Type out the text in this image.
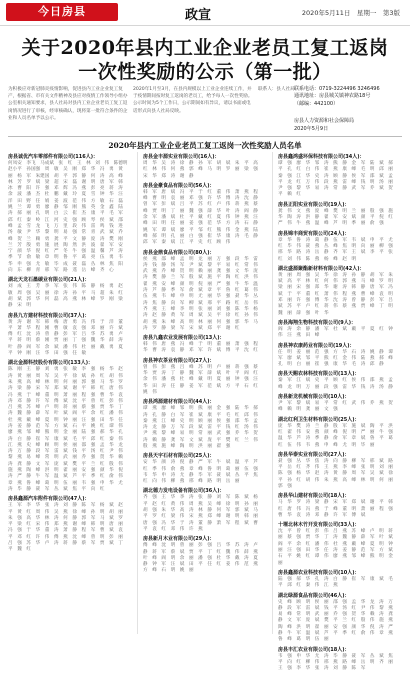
今日房县	政宣	2020年5月11日　星期一　第3版
关于2020年县内工业企业老员工复工返岗
一次性奖励的公示（第一批）
为积极应对新冠肺炎疫情影响，促进县内工业企业复工复产，根据省、市有关文件精神及县应对疫情工作领导小组办公室相关通知要求，县人社局对县内工业企业老员工复工返岗情况进行了审核，经审核确认，现将第一批符合条件的企业和人员名单予以公示。
2020年1月至3月，在县内规模以上工业企业连续工作，并于疫情期间按时复工返岗的老员工，给予每人一次性奖励。公示时间为5个工作日，公示期间如有异议，请以书面或电话形式向县人社局反映。
联系人：县人社局 联系电话：0719-3224496 3246496
通讯地址：房县城关镇神农路18号
（邮编：442100）
房县人力资源和社会保障局
2020年5月9日
2020年县内工业企业老员工复工返岗一次性奖励人员名单
房县诚优汽车零部件有限公司(116人)：
何凤安　李飞　马成斌　张　红　王　林　刘　伟　陈德明　赵小平　孙国强　周　敏　吴　刚　郑　华　冯　勇　黄　丽　杨　军　朱建国　胡　平　郭　静　何　涛　高　峰　林　芳　罗　斌　梁　超　宋　磊　谢　明　唐　军　韩　冰　曹　阳　许　强　邓　辉　冯　燕　彭　亮　蒋　涛　余　波　潘　杰　杜　鹏　戴　玲　夏　雪　钟　华　汪　洋　田　野　任　娟　姜　波　范　伟　方　敏　石　磊　姚　兰　谭　勇　廖　静　邹　刚　熊　英　金　鑫　陆　涛　郝　丽　孔　明　白　云　崔　杰　康　平　毛　军　邱　红　秦　岭　江　河　史　强　顾　琴　侯　斌　邵　峰　孟　雪　龙　飞　万　里　段　伟　雷　鸣　钱　进　汤　敏　尹　华　黎　明　易　强　常　青　武　斌　乔　峰　贺　兰　赖　勇　龚　平　文　静　庞　涛　樊　刚　兰　芳　殷　勇　施　展　陶　然　洪　波　翟　军　安　宁　颜　华　倪　红　严　冬　牛　强　温　馨　芦　涛　季　节　俞　敏　章　明　鲁　平　葛　亮　伍　勇　韦　华　申　强　尤　敏　毕　成　聂　磊　丛　林　焦　阳　向　东　柳　青　邢　军　路　遥　岳　峰　齐　心
湖北天龙石墨碳业有限公司(21人)：
刘　成　王　芳　李　军　张　伟　陈　静　杨　勇　赵　敏　周　强　吴　丽　徐　涛　孙　平　马　超　朱　红　胡　斌　郭　华　何　磊　高　燕　林　峰　罗　刚　梁　静　宋　明
房县九方建材科技有限公司(37人)：
黄　涛　谢　军　韩　梅　唐　勇　冯　伟　于　洋　董　平　萧　华　程　刚　曹　敏　袁　强　邓　丽　许　斌　傅　红　沈　涛　曾　静　彭　军　吕　华　苏　勇　卢　平　蒋　明　蔡　刚　贾　丽　丁　强　魏　华　薛　涛　叶　静　阎　军　余　斌　潘　伟　杜　丽　戴　勇　夏　平　钟　刚　汪　华　田　强　任　敏
湖北金源科技股份有限公司(133人)：
陈　刚　王　静　刘　勇　张　敏　李　强　杨　华　赵　涛　黄　丽　周　军　吴　平　徐　斌　孙　红　胡　伟　朱　燕　高　峰　林　明　何　丽　郭　强　马　华　罗　涛　梁　静　宋　军　郑　斌　谢　平　韩　红　唐　伟　冯　燕　于　峰　董　明　萧　丽　程　强　曹　华　袁　涛　邓　静　许　军　傅　斌　沈　平　曾　红　彭　伟　吕　燕　苏　峰　卢　明　蒋　丽　蔡　强　贾　华　丁　涛　魏　静　薛　军　叶　斌　阎　平　余　红　潘　伟　杜　燕　戴　峰　夏　明　钟　丽　汪　强　田　华　任　涛　姜　静　范　军　方　斌　石　平　姚　红　谭　伟　廖　燕　邹　峰　熊　明　金　丽　陆　强　郝　华　孔　涛　白　静　崔　军　康　斌　毛　平　邱　红　秦　伟　江　燕　史　峰　顾　明　侯　丽　邵　强　孟　华　龙　涛　万　静　段　军　雷　斌　钱　平　汤　红　尹　伟　黎　燕　易　峰　常　明　武　丽　乔　强　贺　华　赖　涛　龚　静　文　军　庞　斌　樊　平　兰　红　殷　伟　施　燕　陶　峰　洪　明　翟　丽　安　强　颜　华　倪　涛　严　静　牛　军　温　斌　芦　平　季　红　俞　伟　章　燕　鲁　峰　葛　明　伍　丽　韦　强　申　华　尤　涛　毕　静　聂　军　丛　斌　焦　平　向　红
房县鑫源汽车附件有限公司(47人)：
王　军　李　华　张　涛　刘　静　陈　军　杨　斌　赵　平　黄　红　周　伟　吴　燕　徐　峰　孙　明　胡　丽　朱　强　高　华　林　涛　何　静　郭　军　马　斌　罗　平　梁　红　宋　伟　郑　燕　谢　峰　韩　明　唐　丽　冯　强　于　华　董　涛　萧　静　程　军　曹　斌　袁　平　邓　红　许　伟　傅　燕　沈　峰　曾　明　彭　丽　吕　强　苏　华　卢　涛　蒋　静　蔡　军　贾　斌　丁　平　魏　红
房县金丰源实业有限公司(16人)：
周　华　吴　涛　徐　静　孙　军　胡　斌　朱　平　高　红　林　伟　何　燕　郭　峰　马　明　罗　丽　梁　强　宋　华　郑　涛　谢　静
房县金豪食品有限公司(56人)：
韩　军　唐　斌　冯　平　于　红　董　伟　萧　燕　程　峰　曹　明　袁　丽　邓　强　许　华　傅　涛　沈　静　曾　军　彭　斌　吕　平　苏　红　卢　伟　蒋　燕　蔡　峰　贾　明　丁　丽　魏　强　薛　华　叶　涛　阎　静　余　军　潘　斌　杜　平　戴　红　夏　伟　钟　燕　汪　峰　田　明　任　丽　姜　强　范　华　方　涛　石　静　姚　军　谭　斌　廖　平　邹　红　熊　伟　金　燕　陆　峰　郝　明　孔　丽　白　强　崔　华　康　涛　毛　静　邱　军　秦　斌　江　平　史　红　顾　伟
房县金鼎食品有限公司(80人)：
侯　燕　邵　峰　孟　明　龙　丽　万　强　段　华　雷　涛　钱　静　汤　军　尹　斌　黎　平　易　红　常　伟　武　燕　乔　峰　贺　明　赖　丽　龚　强　文　华　庞　涛　樊　静　兰　军　殷　斌　施　平　陶　红　洪　伟　翟　燕　安　峰　颜　明　倪　丽　严　强　牛　华　温　涛　芦　静　季　军　俞　斌　章　平　鲁　红　葛　伟　伍　燕　韦　峰　申　明　尤　丽　毕　强　聂　华　丛　涛　焦　静　向　军　柳　斌　邢　平　路　红　岳　伟　齐　燕　王　峰　李　明　张　丽　刘　强　陈　华　杨　涛　赵　静　黄　军　周　斌　吴　平　徐　红　孙　伟　胡　燕　朱　峰　高　明　林　丽　何　强　郭　华　马　涛　罗　静　梁　军　宋　斌　郑　平　谢　红
房县九鑫农业发展有限公司(13人)：
韩　伟　唐　燕　冯　峰　于　明　董　丽　萧　强　程　华　曹　涛　袁　静　邓　军　许　斌　傅　平　沈　红
房县神农茶业有限公司(27人)：
曾　伟　彭　燕　吕　峰　苏　明　卢　丽　蒋　强　蔡　华　贾　涛　丁　静　魏　军　薛　斌　叶　平　阎　红　余　伟　潘　燕　杜　峰　戴　明　夏　丽　钟　强　汪　华　田　涛　任　静　姜　军　范　斌　方　平　石　红　姚　伟
房县鸿源建材有限公司(44人)：
谭　燕　廖　峰　邹　明　熊　丽　金　强　陆　华　郝　涛　孔　静　白　军　崔　斌　康　平　毛　红　邱　伟　秦　燕　江　峰　史　明　顾　丽　侯　强　邵　华　孟　涛　龙　静　万　军　段　斌　雷　平　钱　红　汤　伟　尹　燕　黎　峰　易　明　常　丽　武　强　乔　华　贺　涛　赖　静　龚　军　文　斌　庞　平　樊　红　兰　伟　殷　燕　施　峰　陶　明　洪　丽　翟　强
房县天宇石材有限公司(25人)：
安　华　颜　涛　倪　静　严　军　牛　斌　温　平　芦　红　季　伟　俞　燕　章　峰　鲁　明　葛　丽　伍　强　韦　华　申　涛　尤　静　毕　军　聂　斌　丛　平　焦　红　向　伟　柳　燕　邢　峰　路　明　岳　丽
湖北德力发电设备有限公司(36人)：
齐　强　王　华　李　涛　张　静　刘　军　陈　斌　杨　平　赵　红　黄　伟　周　燕　吴　峰　徐　明　孙　丽　胡　强　朱　华　高　涛　林　静　何　军　郭　斌　马　平　罗　红　梁　伟　宋　燕　郑　峰　谢　明　韩　丽　唐　强　冯　华　于　涛　董　静　萧　军　程　斌　曹　平　袁　红　邓　伟　许　燕
房县新月木业有限公司(29人)：
傅　峰　沈　明　曾　丽　彭　强　吕　华　苏　涛　卢　静　蒋　军　蔡　斌　贾　平　丁　红　魏　伟　薛　燕　叶　峰　阎　明　余　丽　潘　强　杜　华　戴　涛　夏　静　钟　军　汪　斌　田　平　任　红　姜　伟　范　燕　方　峰　石　明　姚　丽
房县鑫鸿盛环保科技有限公司(34人)：
谭　强　廖　华　邹　涛　熊　静　金　军　陆　斌　郝　平　孔　红　白　伟　崔　燕　康　峰　毛　明　邱　丽　秦　强　江　华　史　涛　顾　静　侯　军　邵　斌　孟　平　龙　红　万　伟　段　燕　雷　峰　钱　明　汤　丽　尹　强　黎　华　易　涛　常　静　武　军　乔　斌　贺　平　赖　红
房县正阳实业有限公司(19人)：
龚　伟　文　燕　庞　峰　樊　明　兰　丽　殷　强　施　华　陶　涛　洪　静　翟　军　安　斌　颜　平　倪　红　严　伟　牛　燕　温　峰　芦　明　季　丽　俞　强
房县锦丰商贸有限公司(24人)：
章　华　鲁　涛　葛　静　伍　军　韦　斌　申　平　尤　红　毕　伟　聂　燕　丛　峰　焦　明　向　丽　柳　强　邢　华　路　涛　岳　静　齐　军　王　斌　李　平　张　红　刘　伟　陈　燕　杨　峰　赵　明
湖北盛源聚酯新材料有限公司(42人)：
黄　丽　周　强　吴　华　徐　涛　孙　静　胡　军　朱　斌　高　平　林　红　何　伟　郭　燕　马　峰　罗　明　梁　丽　宋　强　郑　华　谢　涛　韩　静　唐　军　冯　斌　于　平　董　红　萧　伟　程　燕　曹　峰　袁　明　邓　丽　许　强　傅　华　沈　涛　曾　静　彭　军　吕　斌　苏　平　卢　红　蒋　伟　蔡　燕　贾　峰　丁　明　魏　丽　薛　强　叶　华
房县海翔生物科技有限公司(9人)：
阎　涛　余　静　潘　军　杜　斌　戴　平　夏　红　钟　伟　汪　燕　田　峰
房县神农康药业有限公司(19人)：
任　明　姜　丽　范　强　方　华　石　涛　姚　静　谭　军　廖　斌　邹　平　熊　红　金　伟　陆　燕　郝　峰　孔　明　白　丽　崔　强　康　华　毛　涛　邱　静
房县天赐农林科技有限公司(13人)：
秦　军　江　斌　史　平　顾　红　侯　伟　邵　燕　孟　峰　龙　明　万　丽　段　强　雷　华　钱　涛　汤　静
房县新龙机械有限公司(10人)：
尹　军　黎　斌　易　平　常　红　武　伟　乔　燕　贺　峰　赖　明　龚　丽　文　强
湖北红利卫生材料有限公司(25人)：
庞　华　樊　涛　兰　静　殷　军　施　斌　陶　平　洪　红　翟　伟　安　燕　颜　峰　倪　明　严　丽　牛　强　温　华　芦　涛　季　静　俞　军　章　斌　鲁　平　葛　红　伍　伟　韦　燕　申　峰　尤　明　毕　丽
房县华泰实业有限公司(27人)：
聂　强　丛　华　焦　涛　向　静　柳　军　邢　斌　路　平　岳　红　齐　伟　王　燕　李　峰　张　明　刘　丽　陈　强　杨　华　赵　涛　黄　静　周　军　吴　斌　徐　平　孙　红　胡　伟　朱　燕　高　峰　林　明　何　丽　郭　强
房县华山建材有限公司(18人)：
马　华　罗　涛　梁　静　宋　军　郑　斌　谢　平　韩　红　唐　伟　冯　燕　于　峰　董　明　萧　丽　程　强　曹　华　袁　涛　邓　静　许　军　傅　斌
十堰北林木竹开发有限公司(33人)：
沈　平　曾　红　彭　伟　吕　燕　苏　峰　卢　明　蒋　丽　蔡　强　贾　华　丁　涛　魏　静　薛　军　叶　斌　阎　平　余　红　潘　伟　杜　燕　戴　峰　夏　明　钟　丽　汪　强　田　华　任　涛　姜　静　范　军　方　斌　石　平　姚　红　谭　伟　廖　燕　邹　峰　熊　明　金　丽
房县鑫源农业科技有限公司(10人)：
陆　强　郝　华　孔　涛　白　静　崔　军　康　斌　毛　平　邱　红　秦　伟　江　燕
湖北绿源食品有限公司(46人)：
史　峰　顾　明　侯　丽　邵　强　孟　华　龙　涛　万　静　段　军　雷　斌　钱　平　汤　红　尹　伟　黎　燕　易　峰　常　明　武　丽　乔　强　贺　华　赖　涛　龚　静　文　军　庞　斌　樊　平　兰　红　殷　伟　施　燕　陶　峰　洪　明　翟　丽　安　强　颜　华　倪　涛　严　静　牛　军　温　斌　芦　平　季　红　俞　伟　章　燕　鲁　峰　葛　明　伍　丽
房县丰汇农业有限公司(18人)：
韦　强　申　华　尤　涛　毕　静　聂　军　丛　斌　焦　平　向　红　柳　伟　邢　燕　路　峰　岳　明　齐　丽　王　强　李　华　张　涛　刘　静　陈　军
